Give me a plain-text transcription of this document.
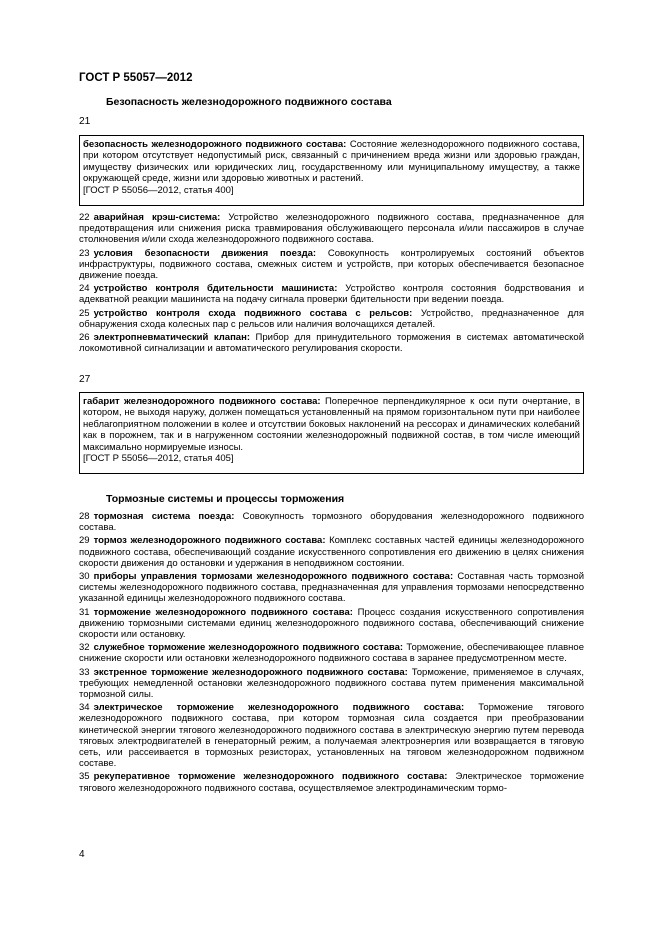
ГОСТ Р 55057—2012
Безопасность железнодорожного подвижного состава
21

безопасность железнодорожного подвижного состава: Состояние железнодорожного подвижного состава, при котором отсутствует недопустимый риск, связанный с причинением вреда жизни или здоровью граждан, имуществу физических или юридических лиц, государственному или муниципальному имуществу, а также окружающей среде, жизни или здоровью животных и растений.

[ГОСТ Р 55056—2012, статья 400]

22 аварийная крэш-система: Устройство железнодорожного подвижного состава, предназначенное для предотвращения или снижения риска травмирования обслуживающего персонала и/или пассажиров в случае столкновения и/или схода железнодорожного подвижного состава.

23 условия безопасности движения поезда: Совокупность контролируемых состояний объектов инфраструктуры, подвижного состава, смежных систем и устройств, при которых обеспечивается безопасное движение поезда.

24 устройство контроля бдительности машиниста: Устройство контроля состояния бодрствования и адекватной реакции машиниста на подачу сигнала проверки бдительности при ведении поезда.

25 устройство контроля схода подвижного состава с рельсов: Устройство, предназначенное для обнаружения схода колесных пар с рельсов или наличия волочащихся деталей.

26 электропневматический клапан: Прибор для принудительного торможения в системах автоматической локомотивной сигнализации и автоматического регулирования скорости.

27

габарит железнодорожного подвижного состава: Поперечное перпендикулярное к оси пути очертание, в котором, не выходя наружу, должен помещаться установленный на прямом горизонтальном пути при наиболее неблагоприятном положении в колее и отсутствии боковых наклонений на рессорах и динамических колебаний как в порожнем, так и в нагруженном состоянии железнодорожный подвижной состав, в том числе имеющий максимально нормируемые износы.

[ГОСТ Р 55056—2012, статья 405]

Тормозные системы и процессы торможения

28 тормозная система поезда: Совокупность тормозного оборудования железнодорожного подвижного состава.

29 тормоз железнодорожного подвижного состава: Комплекс составных частей единицы железнодорожного подвижного состава, обеспечивающий создание искусственного сопротивления его движению в целях снижения скорости движения до остановки и удержания в неподвижном состоянии.

30 приборы управления тормозами железнодорожного подвижного состава: Составная часть тормозной системы железнодорожного подвижного состава, предназначенная для управления тормозами непосредственно указанной единицы железнодорожного подвижного состава.

31 торможение железнодорожного подвижного состава: Процесс создания искусственного сопротивления движению тормозными системами единиц железнодорожного подвижного состава, обеспечивающий снижение скорости или остановку.

32 служебное торможение железнодорожного подвижного состава: Торможение, обеспечивающее плавное снижение скорости или остановки железнодорожного подвижного состава в заранее предусмотренном месте.

33 экстренное торможение железнодорожного подвижного состава: Торможение, применяемое в случаях, требующих немедленной остановки железнодорожного подвижного состава путем применения максимальной тормозной силы.

34 электрическое торможение железнодорожного подвижного состава: Торможение тягового железнодорожного подвижного состава, при котором тормозная сила создается при преобразовании кинетической энергии тягового железнодорожного подвижного состава в электрическую энергию путем перевода тяговых электродвигателей в генераторный режим, а получаемая электроэнергия или возвращается в тяговую сеть, или рассеивается в тормозных резисторах, установленных на тяговом железнодорожном подвижном составе.

35 рекуперативное торможение железнодорожного подвижного состава: Электрическое торможение тягового железнодорожного подвижного состава, осуществляемое электродинамическим тормо-

4
